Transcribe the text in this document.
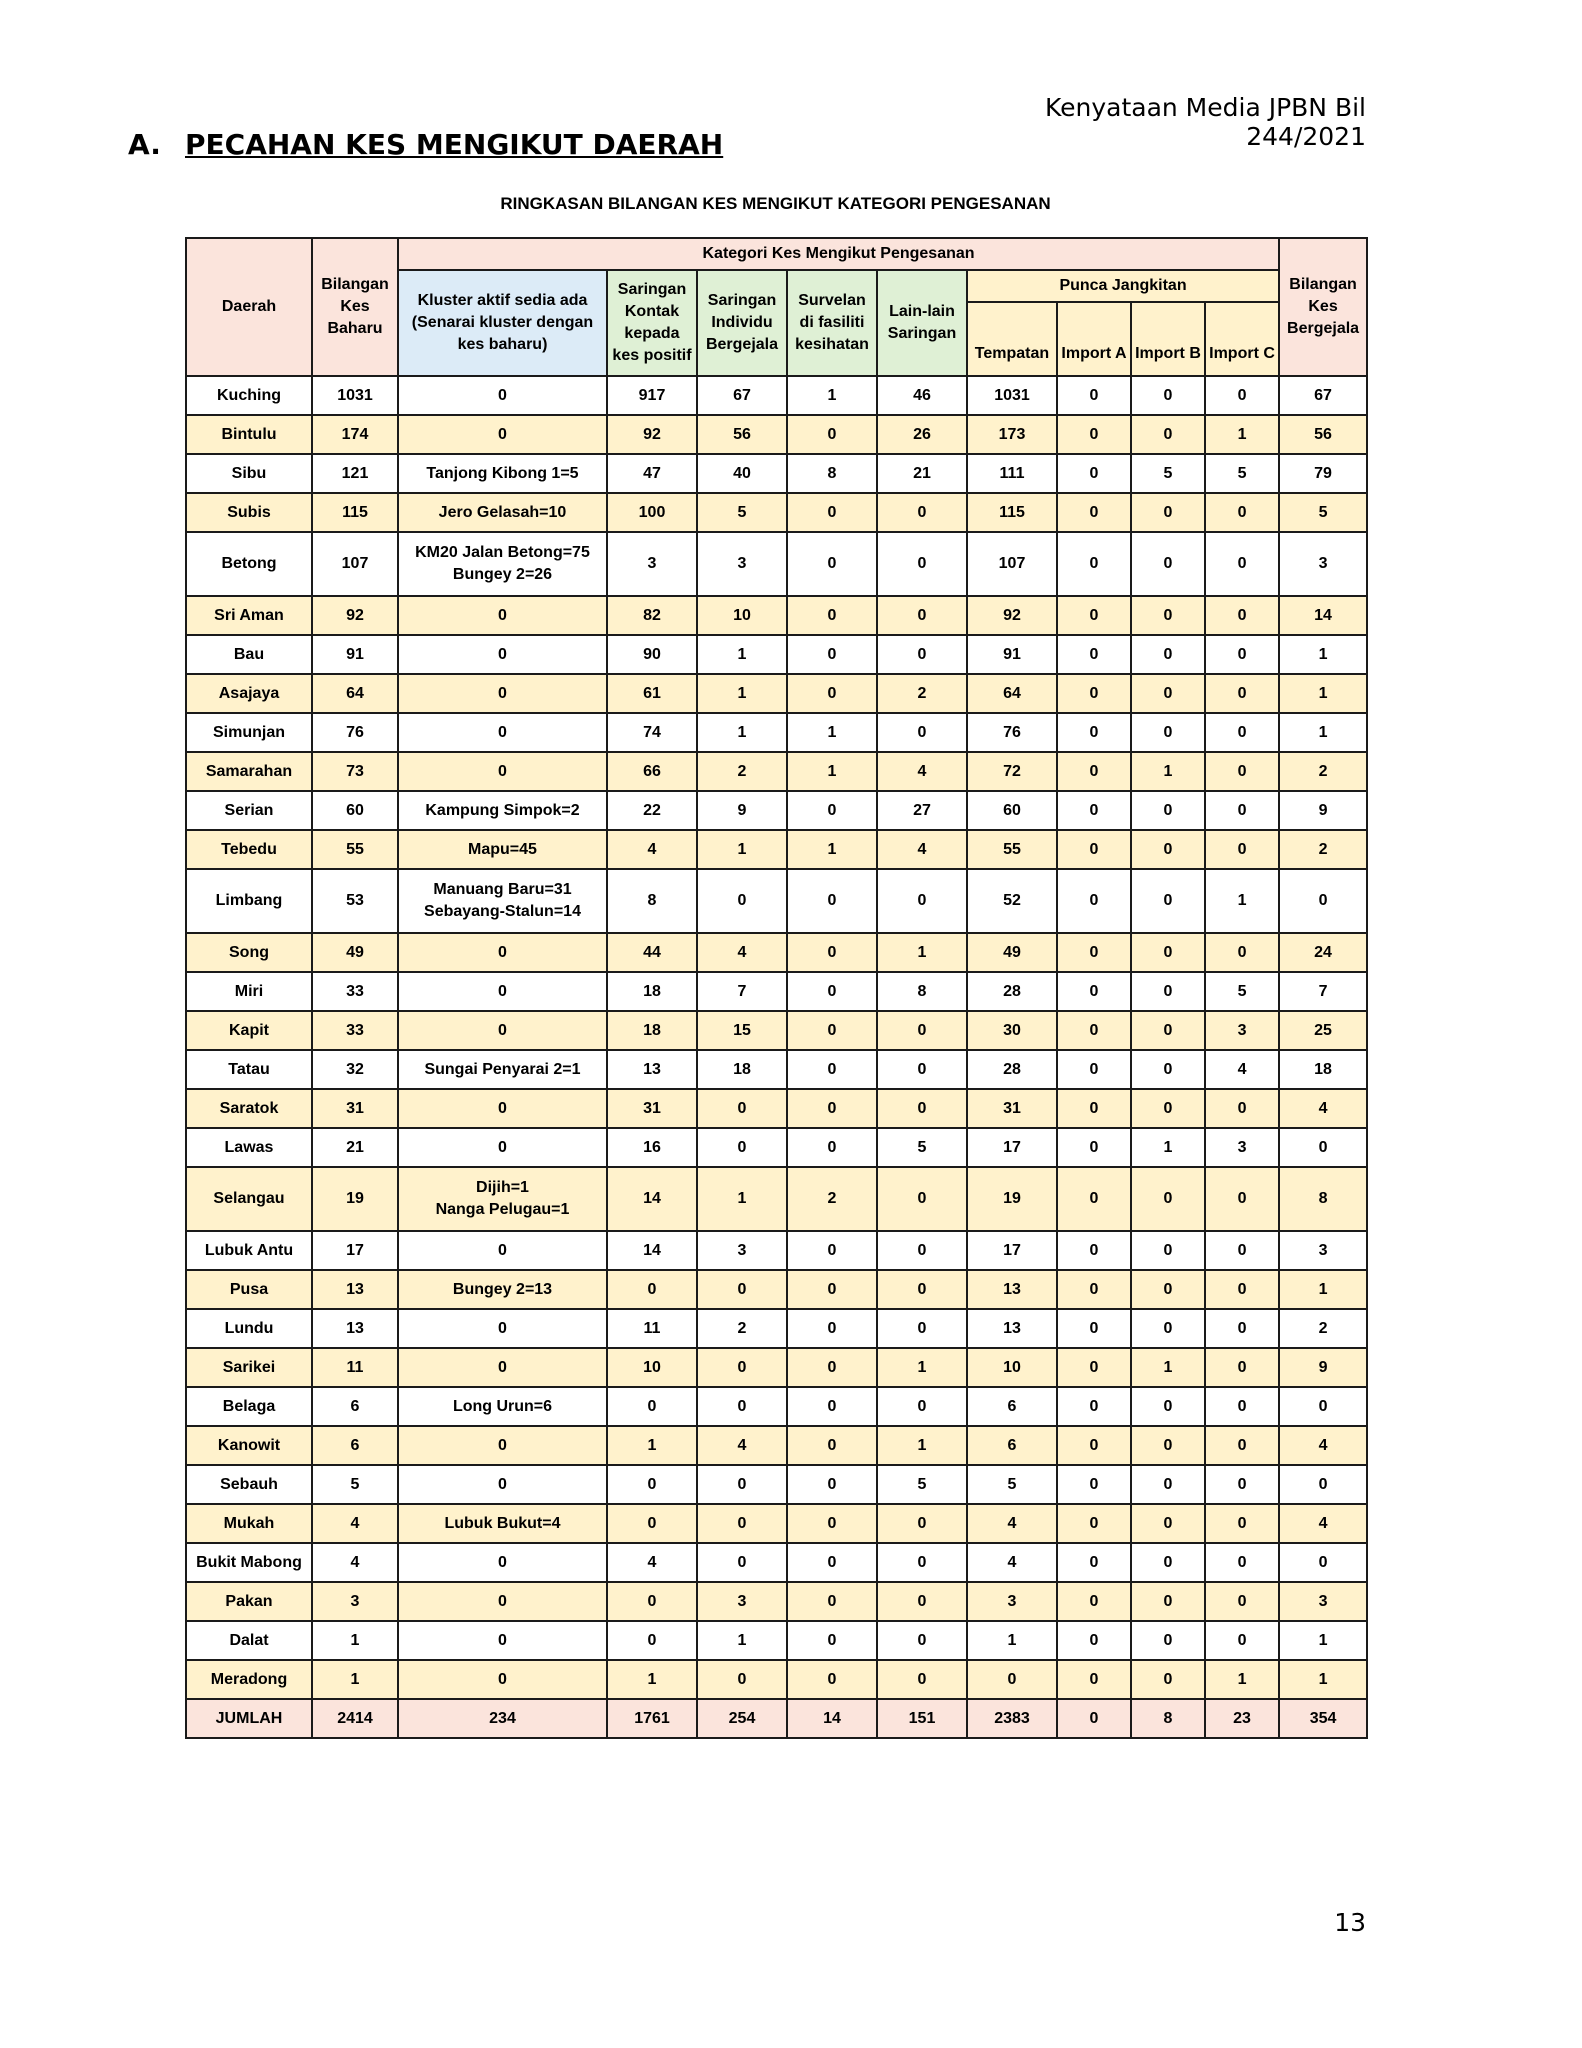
Kenyataan Media JPBN Bil 244/2021
A. PECAHAN KES MENGIKUT DAERAH
RINGKASAN BILANGAN KES MENGIKUT KATEGORI PENGESANAN
Daerah	Bilangan Kes Baharu	Kategori Kes Mengikut Pengesanan									Bilangan Kes Bergejala
		Kluster aktif sedia ada (Senarai kluster dengan kes baharu)	Saringan Kontak kepada kes positif	Saringan Individu Bergejala	Survelan di fasiliti kesihatan	Lain-lain Saringan	Punca Jangkitan				
							Tempatan	Import A	Import B	Import C	
Kuching	1031	0	917	67	1	46	1031	0	0	0	67
Bintulu	174	0	92	56	0	26	173	0	0	1	56
Sibu	121	Tanjong Kibong 1=5	47	40	8	21	111	0	5	5	79
Subis	115	Jero Gelasah=10	100	5	0	0	115	0	0	0	5
Betong	107	KM20 Jalan Betong=75
Bungey 2=26	3	3	0	0	107	0	0	0	3
Sri Aman	92	0	82	10	0	0	92	0	0	0	14
Bau	91	0	90	1	0	0	91	0	0	0	1
Asajaya	64	0	61	1	0	2	64	0	0	0	1
Simunjan	76	0	74	1	1	0	76	0	0	0	1
Samarahan	73	0	66	2	1	4	72	0	1	0	2
Serian	60	Kampung Simpok=2	22	9	0	27	60	0	0	0	9
Tebedu	55	Mapu=45	4	1	1	4	55	0	0	0	2
Limbang	53	Manuang Baru=31
Sebayang-Stalun=14	8	0	0	0	52	0	0	1	0
Song	49	0	44	4	0	1	49	0	0	0	24
Miri	33	0	18	7	0	8	28	0	0	5	7
Kapit	33	0	18	15	0	0	30	0	0	3	25
Tatau	32	Sungai Penyarai 2=1	13	18	0	0	28	0	0	4	18
Saratok	31	0	31	0	0	0	31	0	0	0	4
Lawas	21	0	16	0	0	5	17	0	1	3	0
Selangau	19	Dijih=1
Nanga Pelugau=1	14	1	2	0	19	0	0	0	8
Lubuk Antu	17	0	14	3	0	0	17	0	0	0	3
Pusa	13	Bungey 2=13	0	0	0	0	13	0	0	0	1
Lundu	13	0	11	2	0	0	13	0	0	0	2
Sarikei	11	0	10	0	0	1	10	0	1	0	9
Belaga	6	Long Urun=6	0	0	0	0	6	0	0	0	0
Kanowit	6	0	1	4	0	1	6	0	0	0	4
Sebauh	5	0	0	0	0	5	5	0	0	0	0
Mukah	4	Lubuk Bukut=4	0	0	0	0	4	0	0	0	4
Bukit Mabong	4	0	4	0	0	0	4	0	0	0	0
Pakan	3	0	0	3	0	0	3	0	0	0	3
Dalat	1	0	0	1	0	0	1	0	0	0	1
Meradong	1	0	1	0	0	0	0	0	0	1	1
JUMLAH	2414	234	1761	254	14	151	2383	0	8	23	354
13
